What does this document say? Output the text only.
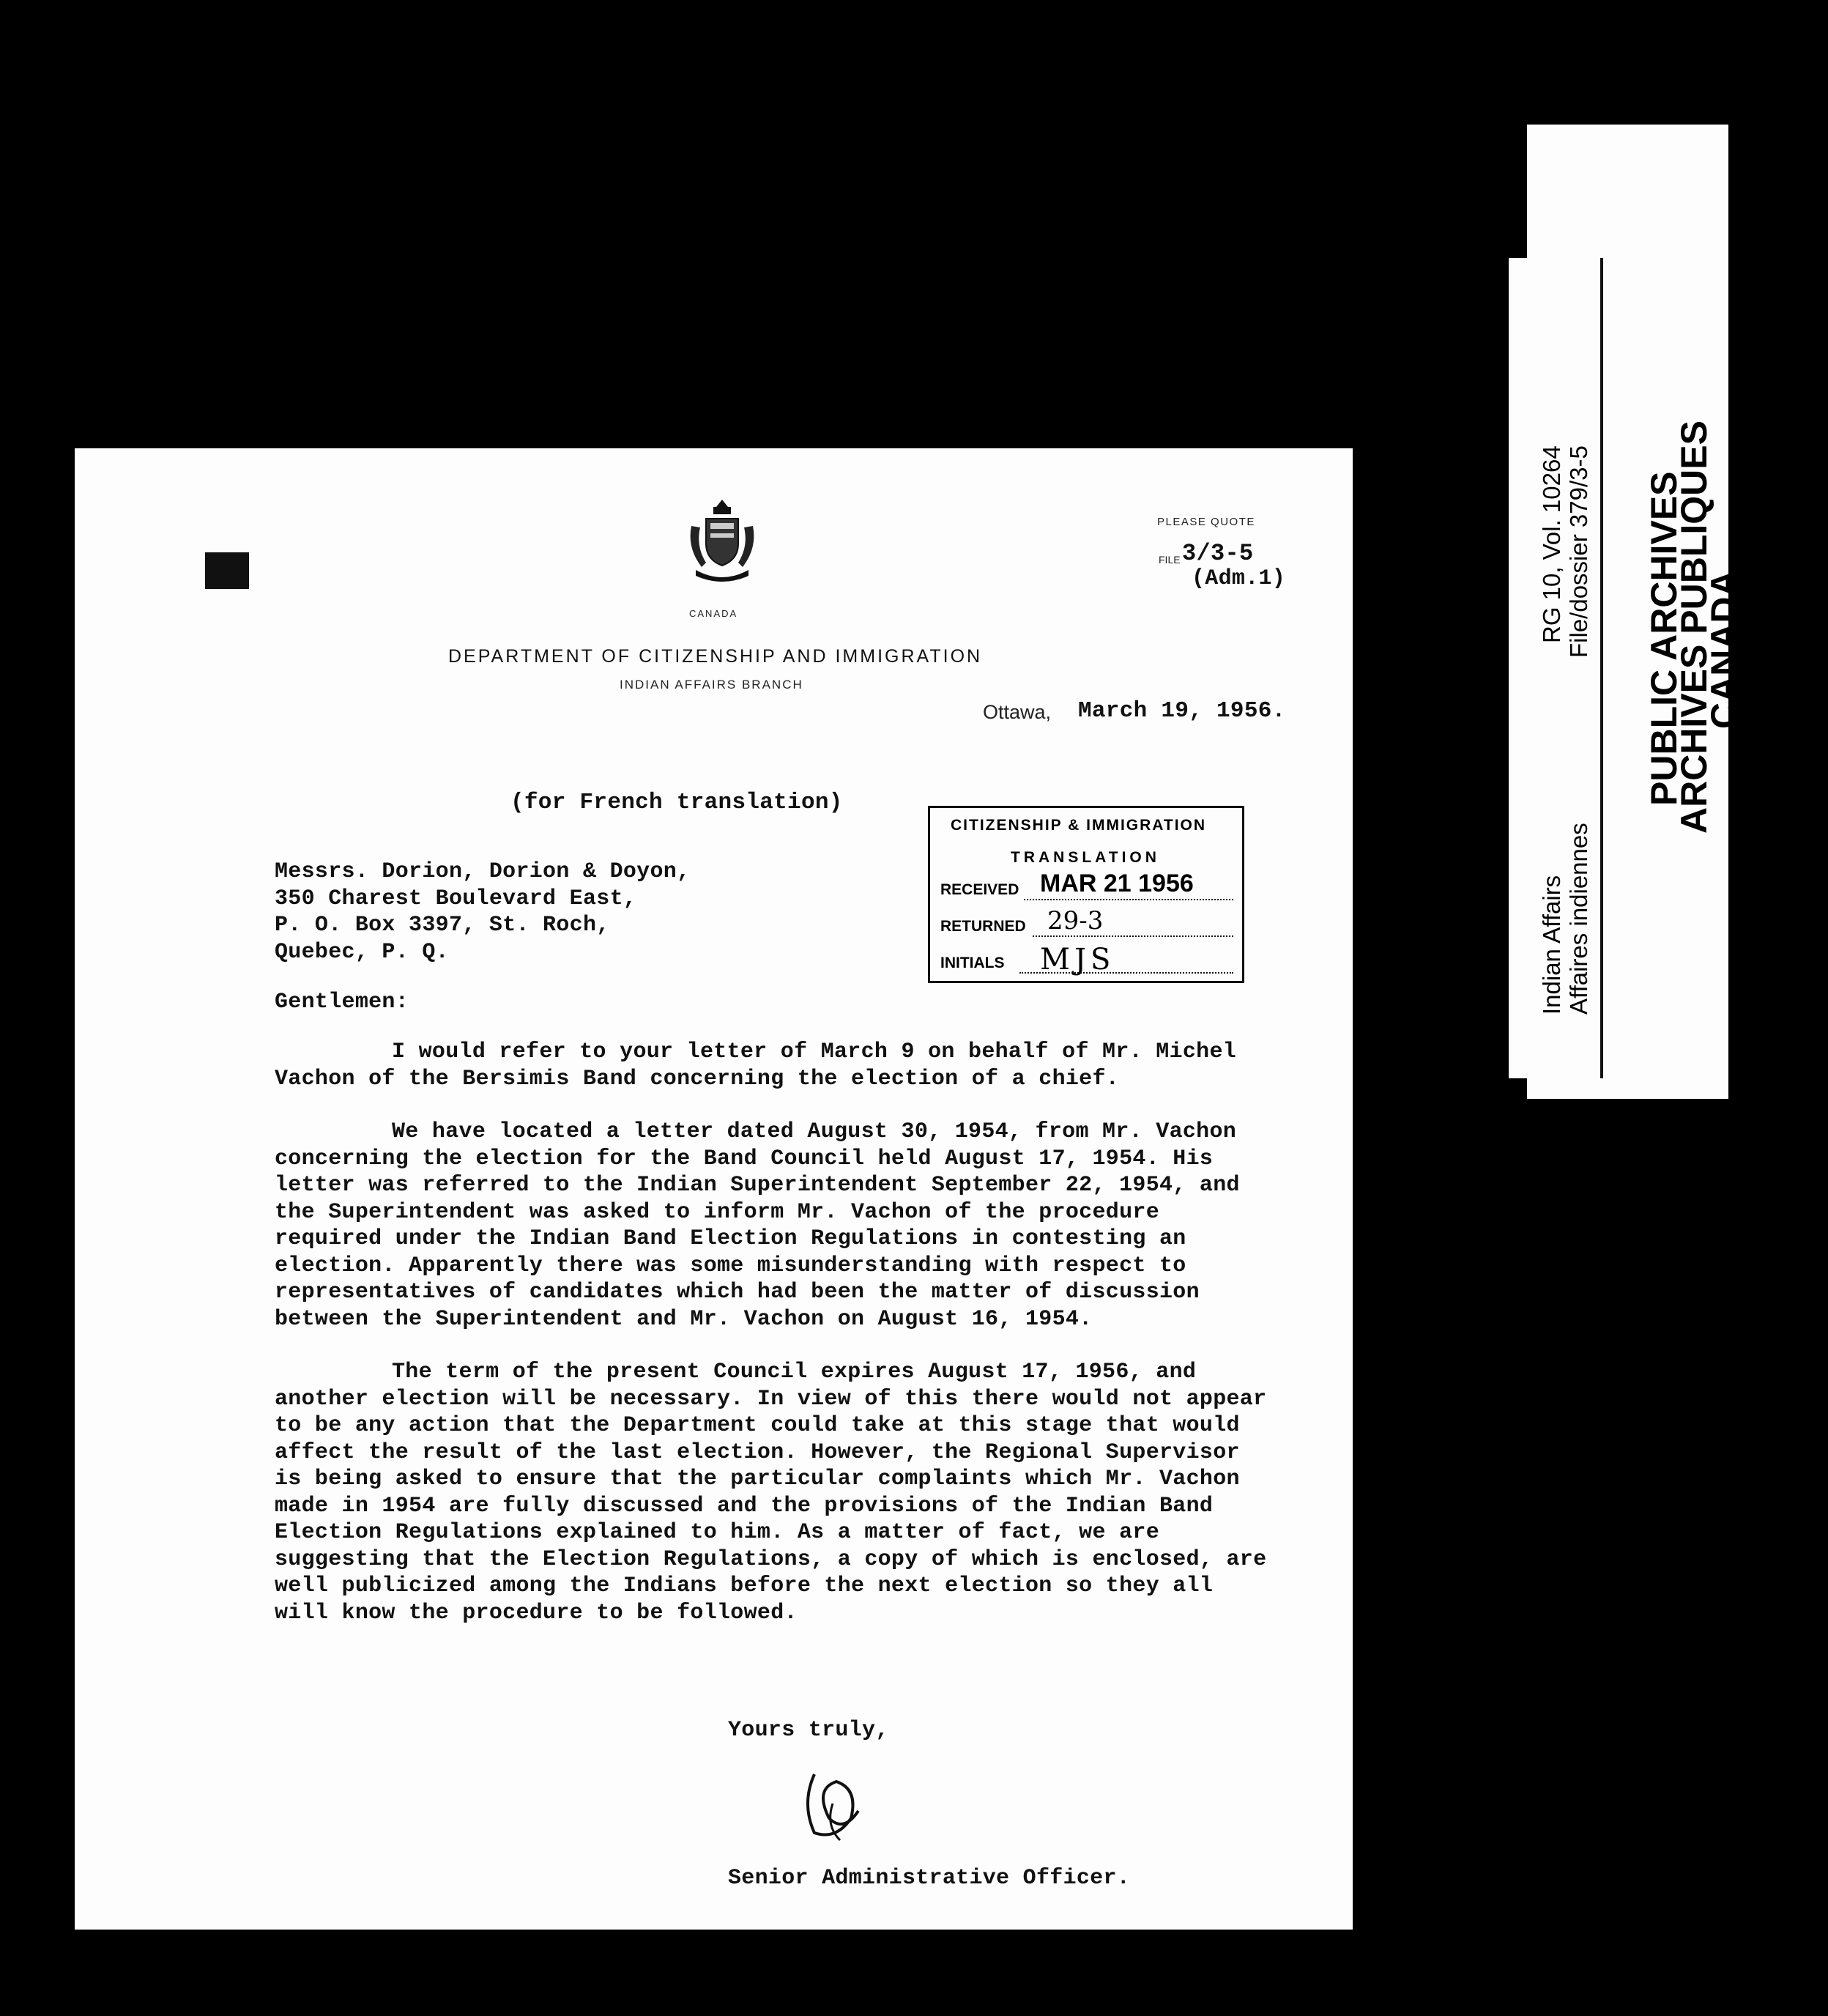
CANADA
DEPARTMENT OF CITIZENSHIP AND IMMIGRATION
INDIAN AFFAIRS BRANCH
PLEASE QUOTE
FILE 3/3-5
(Adm.1)
Ottawa, March 19, 1956.
(for French translation)
Messrs. Dorion, Dorion & Doyon,
350 Charest Boulevard East,
P. O. Box 3397, St. Roch,
Quebec, P. Q.
Gentlemen:

I would refer to your letter of March 9 on behalf of Mr. Michel Vachon of the Bersimis Band concerning the election of a chief.

We have located a letter dated August 30, 1954, from Mr. Vachon concerning the election for the Band Council held August 17, 1954. His letter was referred to the Indian Superintendent September 22, 1954, and the Superintendent was asked to inform Mr. Vachon of the procedure required under the Indian Band Election Regulations in contesting an election. Apparently there was some misunderstanding with respect to representatives of candidates which had been the matter of discussion between the Superintendent and Mr. Vachon on August 16, 1954.

The term of the present Council expires August 17, 1956, and another election will be necessary. In view of this there would not appear to be any action that the Department could take at this stage that would affect the result of the last election. However, the Regional Supervisor is being asked to ensure that the particular complaints which Mr. Vachon made in 1954 are fully discussed and the provisions of the Indian Band Election Regulations explained to him. As a matter of fact, we are suggesting that the Election Regulations, a copy of which is enclosed, are well publicized among the Indians before the next election so they all will know the procedure to be followed.

Yours truly,
Senior Administrative Officer.
CITIZENSHIP & IMMIGRATION
TRANSLATION
RECEIVED MAR 21 1956
RETURNED 29-3
INITIALS MJS
PUBLIC ARCHIVES
ARCHIVES PUBLIQUES
CANADA
RG 10, Vol. 10264 File/dossier 379/3-5
Indian Affairs Affaires indiennes
